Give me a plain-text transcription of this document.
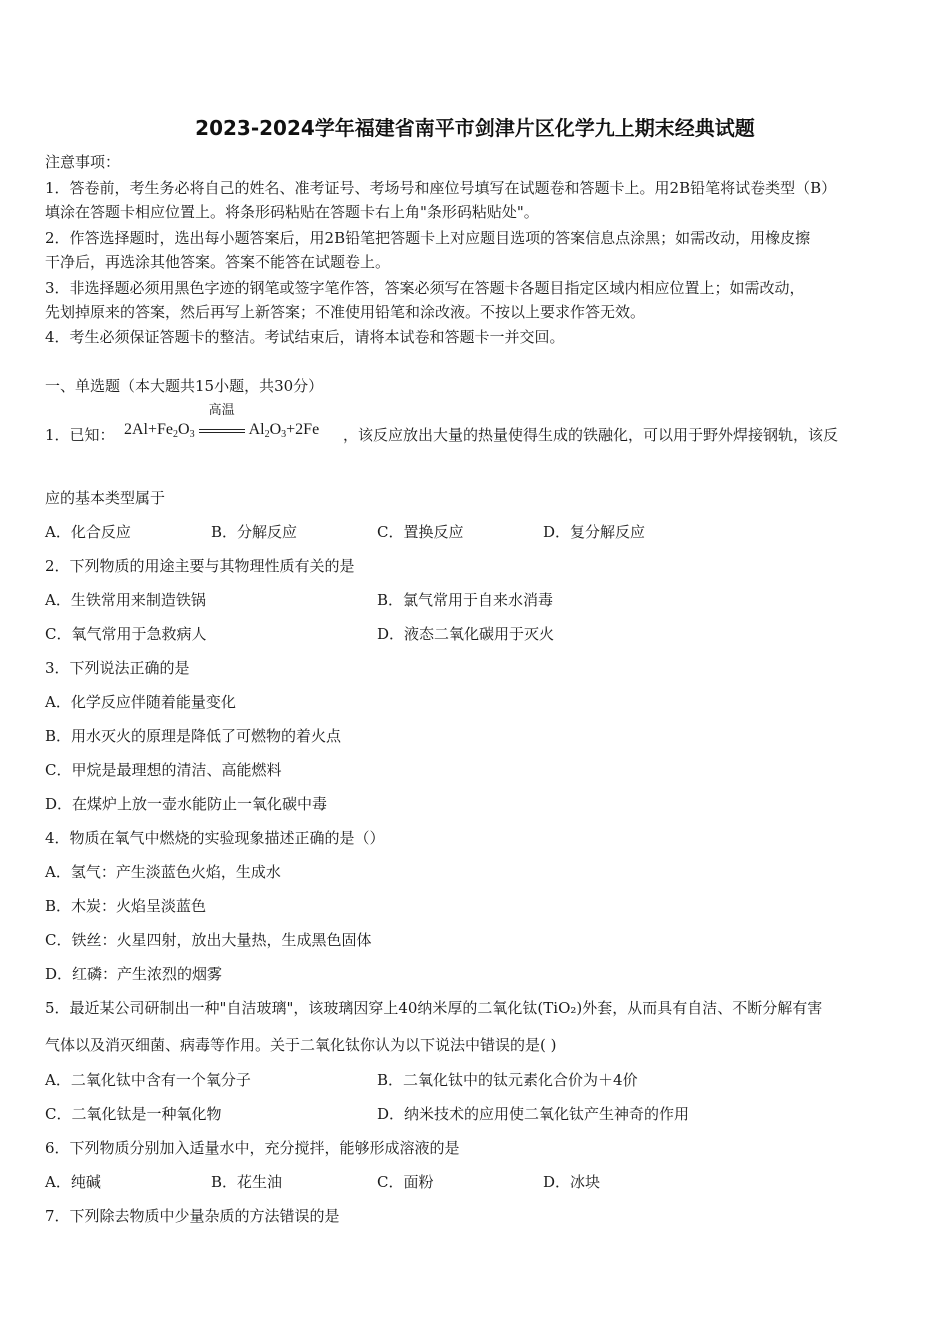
2023-2024学年福建省南平市剑津片区化学九上期末经典试题
注意事项：
1．答卷前，考生务必将自己的姓名、准考证号、考场号和座位号填写在试题卷和答题卡上。用2B铅笔将试卷类型（B）
填涂在答题卡相应位置上。将条形码粘贴在答题卡右上角"条形码粘贴处"。
2．作答选择题时，选出每小题答案后，用2B铅笔把答题卡上对应题目选项的答案信息点涂黑；如需改动，用橡皮擦
干净后，再选涂其他答案。答案不能答在试题卷上。
3．非选择题必须用黑色字迹的钢笔或签字笔作答，答案必须写在答题卡各题目指定区域内相应位置上；如需改动，
先划掉原来的答案，然后再写上新答案；不准使用铅笔和涂改液。不按以上要求作答无效。
4．考生必须保证答题卡的整洁。考试结束后，请将本试卷和答题卡一并交回。
一、单选题（本大题共15小题，共30分）
1．已知： $2Al+Fe_2O_3$
高温
$Al_2O_3+2Fe$ ，该反应放出大量的热量使得生成的铁融化，可以用于野外焊接钢轨，该反
应的基本类型属于
A．化合反应	B．分解反应	C．置换反应	D．复分解反应
2．下列物质的用途主要与其物理性质有关的是
A．生铁常用来制造铁锅	B．氯气常用于自来水消毒
C．氧气常用于急救病人	D．液态二氧化碳用于灭火
3．下列说法正确的是
A．化学反应伴随着能量变化
B．用水灭火的原理是降低了可燃物的着火点
C．甲烷是最理想的清洁、高能燃料
D．在煤炉上放一壶水能防止一氧化碳中毒
4．物质在氧气中燃烧的实验现象描述正确的是（）
A．氢气：产生淡蓝色火焰，生成水
B．木炭：火焰呈淡蓝色
C．铁丝：火星四射，放出大量热，生成黑色固体
D．红磷：产生浓烈的烟雾
5．最近某公司研制出一种"自洁玻璃"，该玻璃因穿上40纳米厚的二氧化钛(TiO₂)外套，从而具有自洁、不断分解有害
气体以及消灭细菌、病毒等作用。关于二氧化钛你认为以下说法中错误的是( )
A．二氧化钛中含有一个氧分子	B．二氧化钛中的钛元素化合价为＋4价
C．二氧化钛是一种氧化物	D．纳米技术的应用使二氧化钛产生神奇的作用
6．下列物质分别加入适量水中，充分搅拌，能够形成溶液的是
A．纯碱	B．花生油	C．面粉	D．冰块
7．下列除去物质中少量杂质的方法错误的是
